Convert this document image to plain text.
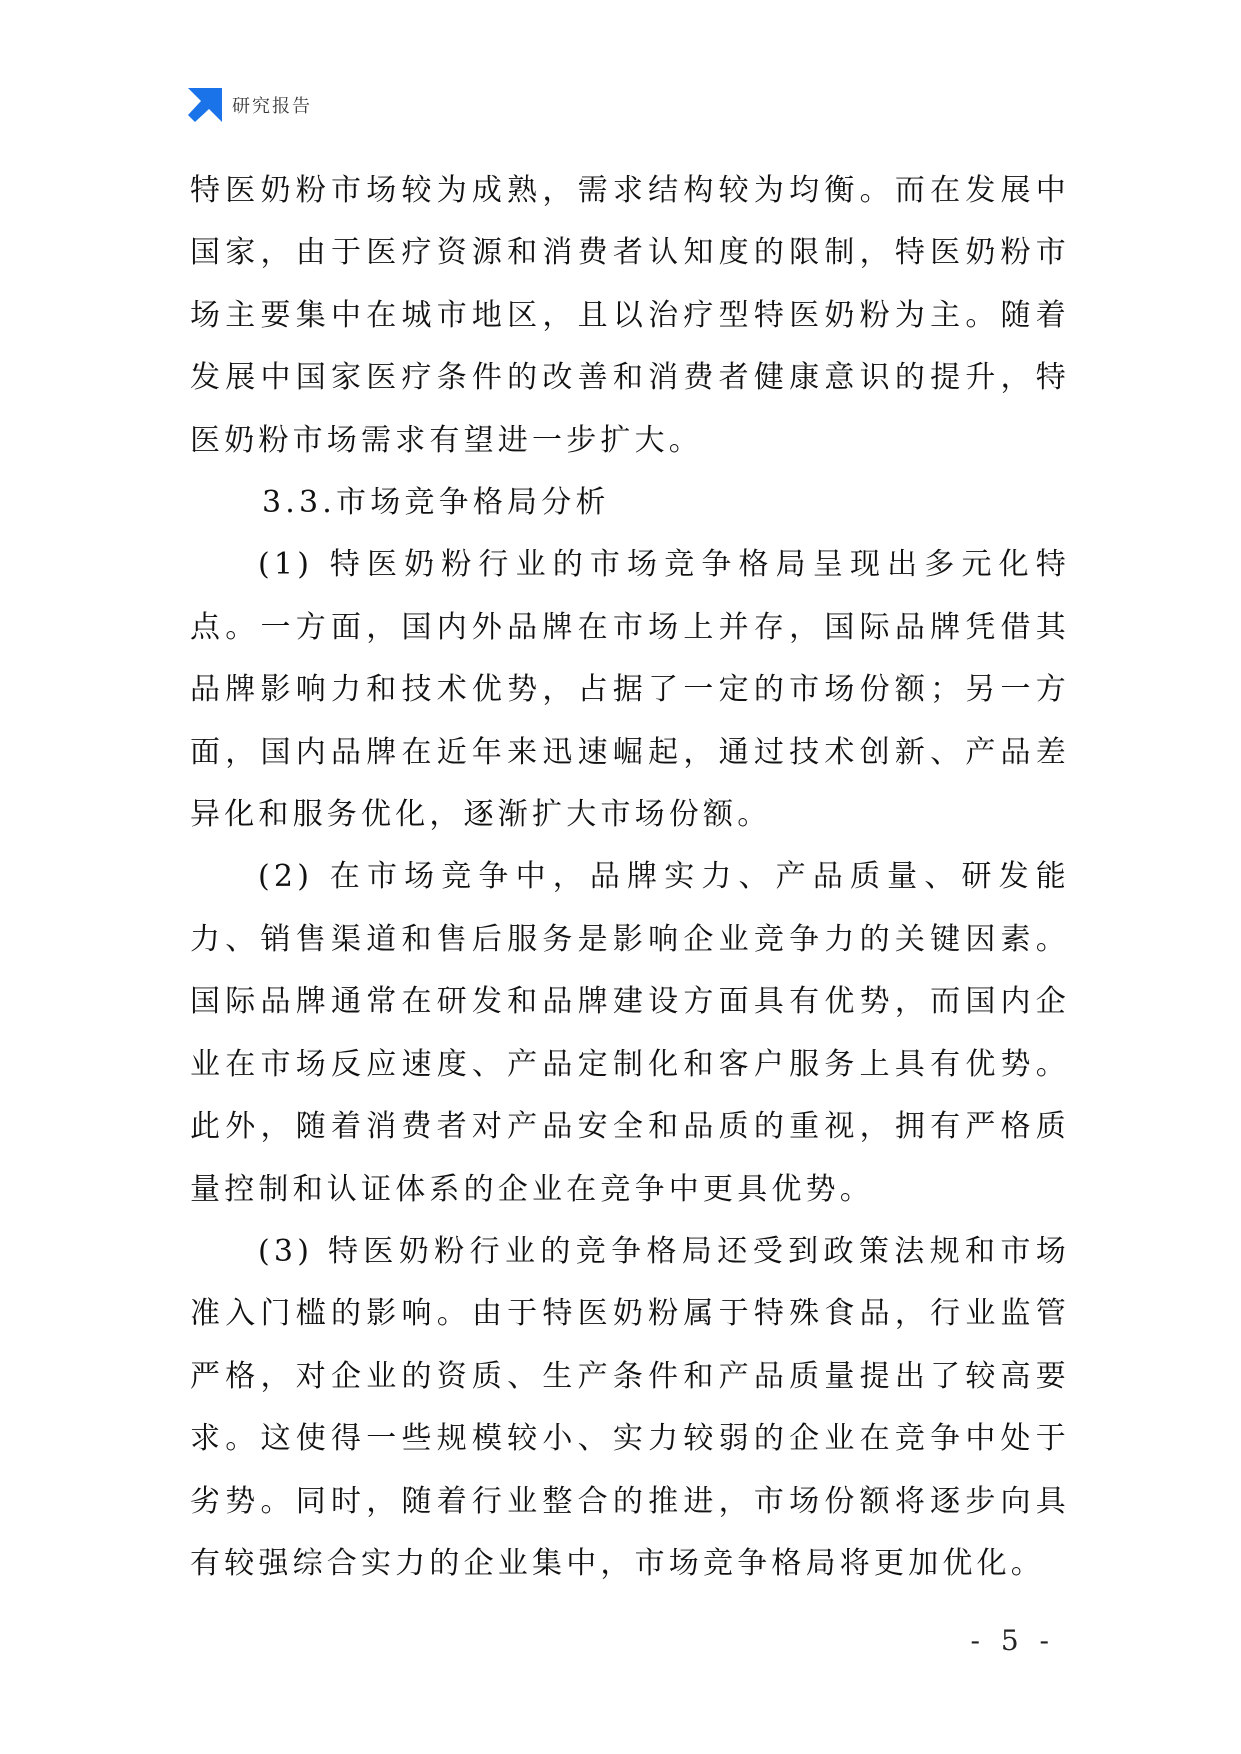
研究报告

特医奶粉市场较为成熟，需求结构较为均衡。而在发展中国家，由于医疗资源和消费者认知度的限制，特医奶粉市场主要集中在城市地区，且以治疗型特医奶粉为主。随着发展中国家医疗条件的改善和消费者健康意识的提升，特医奶粉市场需求有望进一步扩大。

3.3.市场竞争格局分析

(1) 特医奶粉行业的市场竞争格局呈现出多元化特点。一方面，国内外品牌在市场上并存，国际品牌凭借其品牌影响力和技术优势，占据了一定的市场份额；另一方面，国内品牌在近年来迅速崛起，通过技术创新、产品差异化和服务优化，逐渐扩大市场份额。

(2) 在市场竞争中，品牌实力、产品质量、研发能力、销售渠道和售后服务是影响企业竞争力的关键因素。国际品牌通常在研发和品牌建设方面具有优势，而国内企业在市场反应速度、产品定制化和客户服务上具有优势。此外，随着消费者对产品安全和品质的重视，拥有严格质量控制和认证体系的企业在竞争中更具优势。

(3) 特医奶粉行业的竞争格局还受到政策法规和市场准入门槛的影响。由于特医奶粉属于特殊食品，行业监管严格，对企业的资质、生产条件和产品质量提出了较高要求。这使得一些规模较小、实力较弱的企业在竞争中处于劣势。同时，随着行业整合的推进，市场份额将逐步向具有较强综合实力的企业集中，市场竞争格局将更加优化。

- 5 -
